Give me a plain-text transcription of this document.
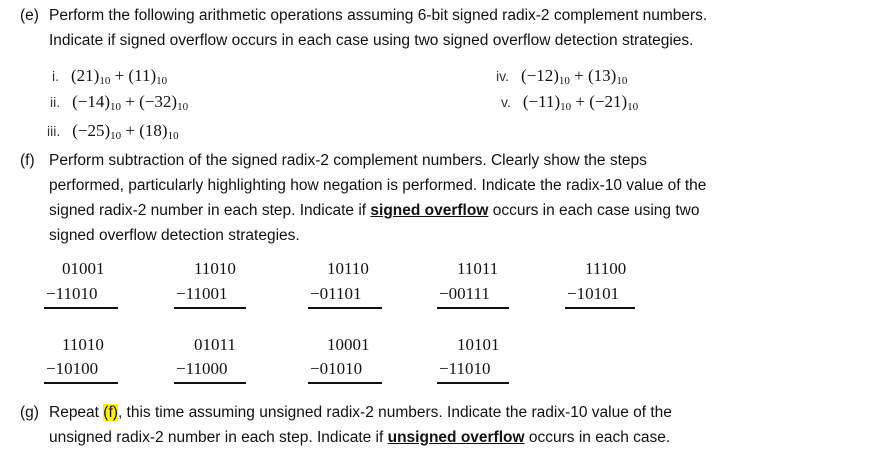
(e) Perform the following arithmetic operations assuming 6-bit signed radix-2 complement numbers.
Indicate if signed overflow occurs in each case using two signed overflow detection strategies.
i. $(21)_{10} + (11)_{10}$
ii. $(-14)_{10} + (-32)_{10}$
iii. $(-25)_{10} + (18)_{10}$
iv. $(-12)_{10} + (13)_{10}$
v. $(-11)_{10} + (-21)_{10}$
(f) Perform subtraction of the signed radix-2 complement numbers. Clearly show the steps
performed, particularly highlighting how negation is performed. Indicate the radix-10 value of the
signed radix-2 number in each step. Indicate if signed overflow occurs in each case using two
signed overflow detection strategies.
01001
−11010
11010
−11001
10110
−01101
11011
−00111
11100
−10101
11010
−10100
01011
−11000
10001
−01010
10101
−11010
(g) Repeat (f), this time assuming unsigned radix-2 numbers. Indicate the radix-10 value of the
unsigned radix-2 number in each step. Indicate if unsigned overflow occurs in each case.
